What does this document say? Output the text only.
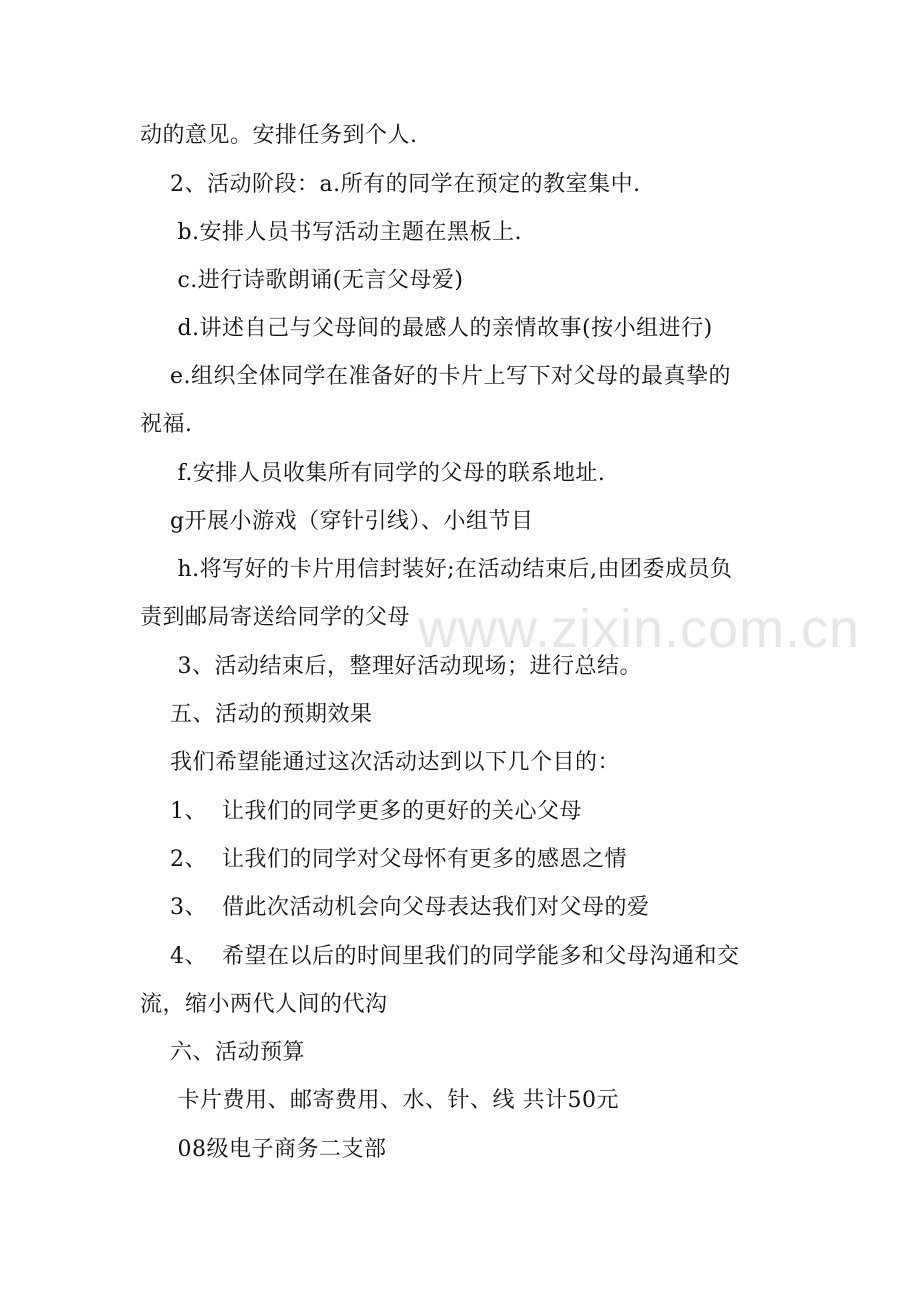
动的意见。安排任务到个人.
2、活动阶段：a.所有的同学在预定的教室集中.
b.安排人员书写活动主题在黑板上.
c.进行诗歌朗诵(无言父母爱)
d.讲述自己与父母间的最感人的亲情故事(按小组进行)
e.组织全体同学在准备好的卡片上写下对父母的最真挚的
祝福.
f.安排人员收集所有同学的父母的联系地址.
g开展小游戏（穿针引线）、小组节目
h.将写好的卡片用信封装好;在活动结束后,由团委成员负
责到邮局寄送给同学的父母
3、活动结束后，整理好活动现场；进行总结。
五、活动的预期效果
我们希望能通过这次活动达到以下几个目的：
1、  让我们的同学更多的更好的关心父母
2、  让我们的同学对父母怀有更多的感恩之情
3、  借此次活动机会向父母表达我们对父母的爱
4、  希望在以后的时间里我们的同学能多和父母沟通和交
流，缩小两代人间的代沟
六、活动预算
卡片费用、邮寄费用、水、针、线 共计50元
08级电子商务二支部
www.zixin.com.cn
